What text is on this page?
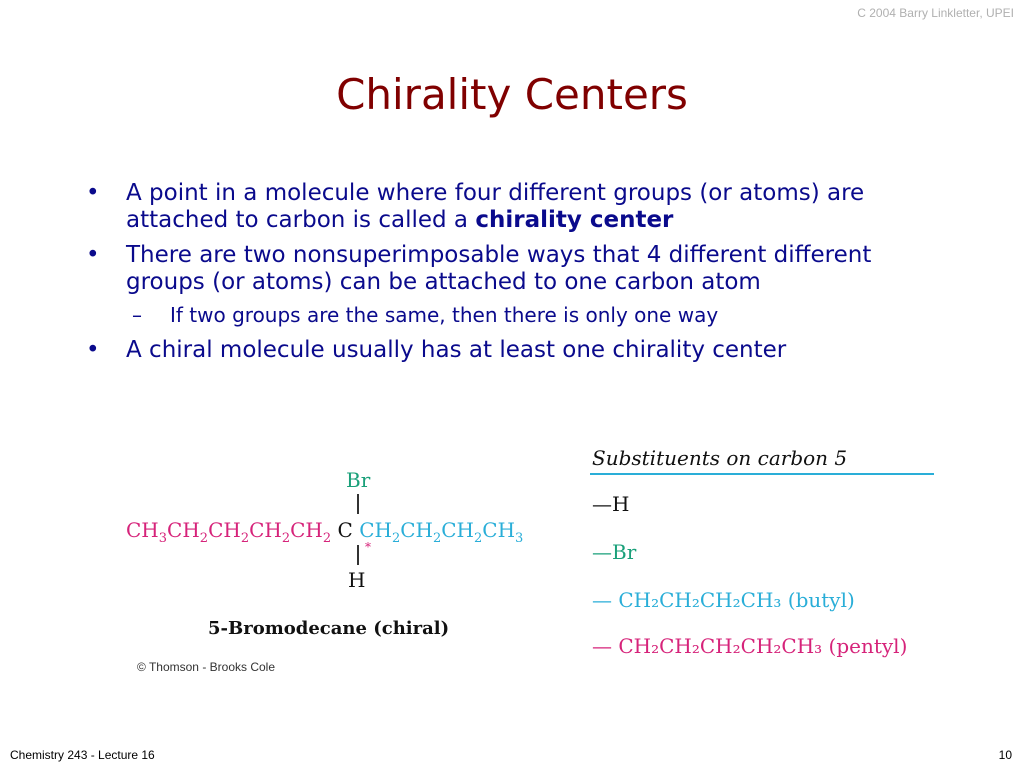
C 2004 Barry Linkletter, UPEI
Chirality Centers
• A point in a molecule where four different groups (or atoms) are attached to carbon is called a chirality center
• There are two nonsuperimposable ways that 4 different different groups (or atoms) can be attached to one carbon atom
– If two groups are the same, then there is only one way
• A chiral molecule usually has at least one chirality center
Br
$CH_3CH_2CH_2CH_2CH_2$ C $CH_2CH_2CH_2CH_3$
*
H
5-Bromodecane (chiral)
© Thomson - Brooks Cole
Substituents on carbon 5
—H
—Br
— CH₂CH₂CH₂CH₃ (butyl)
— CH₂CH₂CH₂CH₂CH₃ (pentyl)
Chemistry 243 - Lecture 16	10
